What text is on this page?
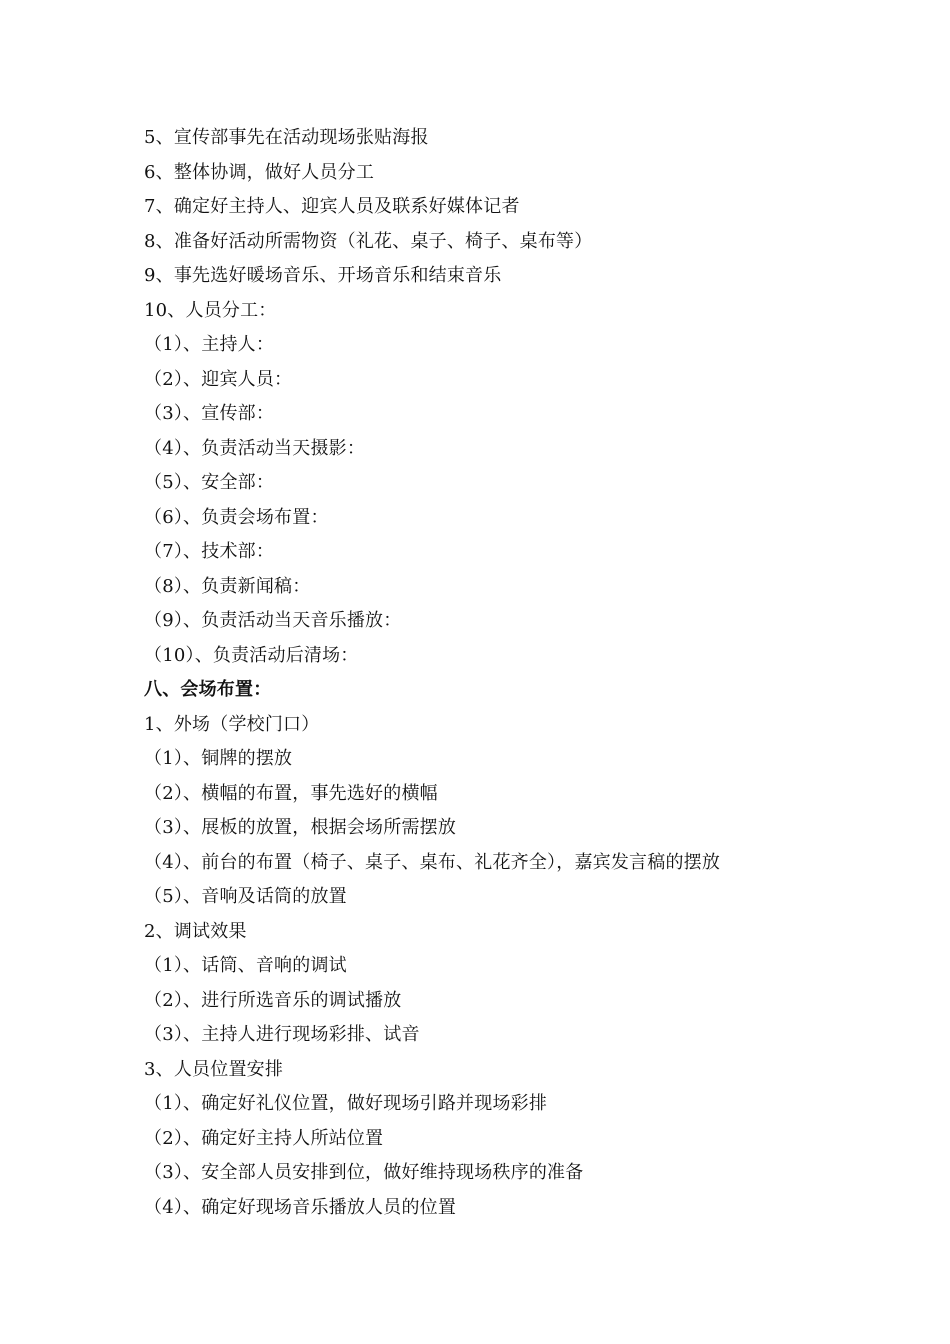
5、宣传部事先在活动现场张贴海报
6、整体协调，做好人员分工
7、确定好主持人、迎宾人员及联系好媒体记者
8、准备好活动所需物资（礼花、桌子、椅子、桌布等）
9、事先选好暖场音乐、开场音乐和结束音乐
10、人员分工：
（1）、主持人：
（2）、迎宾人员：
（3）、宣传部：
（4）、负责活动当天摄影：
（5）、安全部：
（6）、负责会场布置：
（7）、技术部：
（8）、负责新闻稿：
（9）、负责活动当天音乐播放：
（10）、负责活动后清场：
八、会场布置：
1、外场（学校门口）
（1）、铜牌的摆放
（2）、横幅的布置，事先选好的横幅
（3）、展板的放置，根据会场所需摆放
（4）、前台的布置（椅子、桌子、桌布、礼花齐全），嘉宾发言稿的摆放
（5）、音响及话筒的放置
2、调试效果
（1）、话筒、音响的调试
（2）、进行所选音乐的调试播放
（3）、主持人进行现场彩排、试音
3、人员位置安排
（1）、确定好礼仪位置，做好现场引路并现场彩排
（2）、确定好主持人所站位置
（3）、安全部人员安排到位，做好维持现场秩序的准备
（4）、确定好现场音乐播放人员的位置
